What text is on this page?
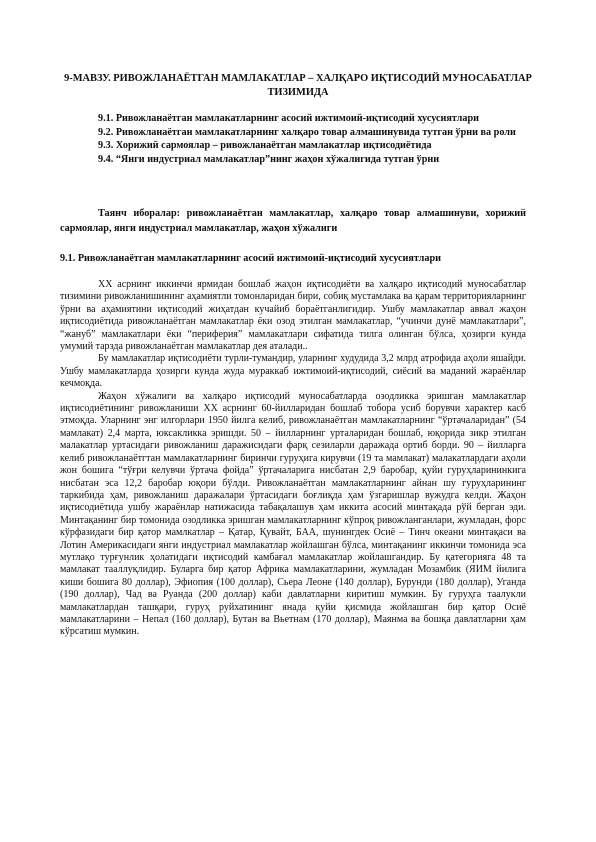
9-МАВЗУ. РИВОЖЛАНАЁТГАН МАМЛАКАТЛАР – ХАЛҚАРО ИҚТИСОДИЙ МУНОСАБАТЛАР ТИЗИМИДА
9.1. Ривожланаётган мамлакатларнинг асосий ижтимоий-иқтисодий хусусиятлари
9.2. Ривожланаётган мамлакатларнинг халқаро товар алмашинувида тутган ўрни ва роли
9.3. Хорижий сармоялар – ривожланаётган мамлакатлар иқтисодиётида
9.4. “Янги индустриал мамлакатлар”нинг жаҳон хўжалигида тутган ўрни
Таянч иборалар: ривожланаётган мамлакатлар, халқаро товар алмашинуви, хорижий сармоялар, янги индустриал мамлакатлар, жаҳон хўжалиги
9.1. Ривожланаётган мамлакатларнинг асосий ижтимоий-иқтисодий хусусиятлари

XX асрнинг иккинчи ярмидан бошлаб жаҳон иқтисодиёти ва халқаро иқтисодий муносабатлар тизимини ривожланишининг аҳамиятли томонларидан бири, собиқ мустамлака ва қарам территорияларнинг ўрни ва аҳамиятини иқтисодий жиҳатдан кучайиб бораётганлигидир. Ушбу мамлакатлар аввал жаҳон иқтисодиётида ривожланаётган мамлакатлар ёки озод этилган мамлакатлар, “учинчи дунё мамлакатлари”, “жануб” мамлакатлари ёки “периферия” мамлакатлари сифатида тилга олинган бўлса, ҳозирги кунда умумий тарзда ривожланаётган мамлакатлар дея аталади..

Бу мамлакатлар иқтисодиёти турли-тумандир, уларнинг худудида 3,2 млрд атрофида аҳоли яшайди. Ушбу мамлакатларда ҳозирги кунда жуда мураккаб ижтимоий-иқтисодий, сиёсий ва маданий жараёнлар кечмоқда.

Жаҳон хўжалиги ва халқаро иқтисодий муносабатларда озодликка эришган мамлакатлар иқтисодиётининг ривожланиши XX асрнинг 60-йилларидан бошлаб тобора усиб борувчи характер касб этмоқда. Уларнинг энг илгорлари 1950 йилга келиб, ривожланаётган мамлакатларнинг “ўртачаларидан” (54 мамлакат) 2,4 марта, юксакликка эришди. 50 – йилларнинг урталаридан бошлаб, юқорида зикр этилган малакатлар уртасидаги ривожланиш даражисидаги фарқ сезиларли даражада ортиб борди. 90 – йилларга келиб ривожланаётгтан мамлакатларнинг биринчи гуруҳига кирувчи (19 та мамлакат) малакатлардаги аҳоли жон бошига “тўғри келувчи ўртача фойда” ўртачаларига нисбатан 2,9 баробар, қуйи гуруҳларининкига нисбатан эса 12,2 баробар юқори бўлди. Ривожланаётган мамлакатларнинг айнан шу гуруҳларининг таркибида ҳам, ривожланиш даражалари ўртасидаги боғлиқда ҳам ўзгаришлар вужудга келди. Жаҳон иқтисодиётида ушбу жараёнлар натижасида табақалашув ҳам иккита асосий минтақада рўй берган эди. Минтақанинг бир томонида озодликка эришган мамлакатларнинг кўпроқ ривожланганлари, жумладан, форс кўрфазидаги бир қатор мамлкатлар – Қатар, Қувайт, БАА, шунингдек Осиё – Тинч океани минтақаси ва Лотин Америкасидаги янги индустриал мамлакатлар жойлашган бўлса, минтақанинг иккинчи томонида эса мутлақо турғунлик ҳолатидаги иқтисодий камбағал мамлакатлар жойлашгандир. Бу қатегорияга 48 та мамлакат тааллуқлидир. Буларга бир қатор Африка мамлакатларини, жумладан Мозамбик (ЯИМ йилига киши бошига 80 доллар), Эфиопия (100 доллар), Сьера Леоне (140 доллар), Бурунди (180 доллар), Уганда (190 доллар), Чад ва Руанда (200 доллар) каби давлатларни киритиш мумкин. Бу гуруҳга таалукли мамлакатлардан ташқари, гуруҳ руйхатининг янада қуйи қисмида жойлашган бир қатор Осиё мамлакатларини – Непал (160 доллар), Бутан ва Вьетнам (170 доллар), Маянма ва бошқа давлатларни ҳам кўрсатиш мумкин.
